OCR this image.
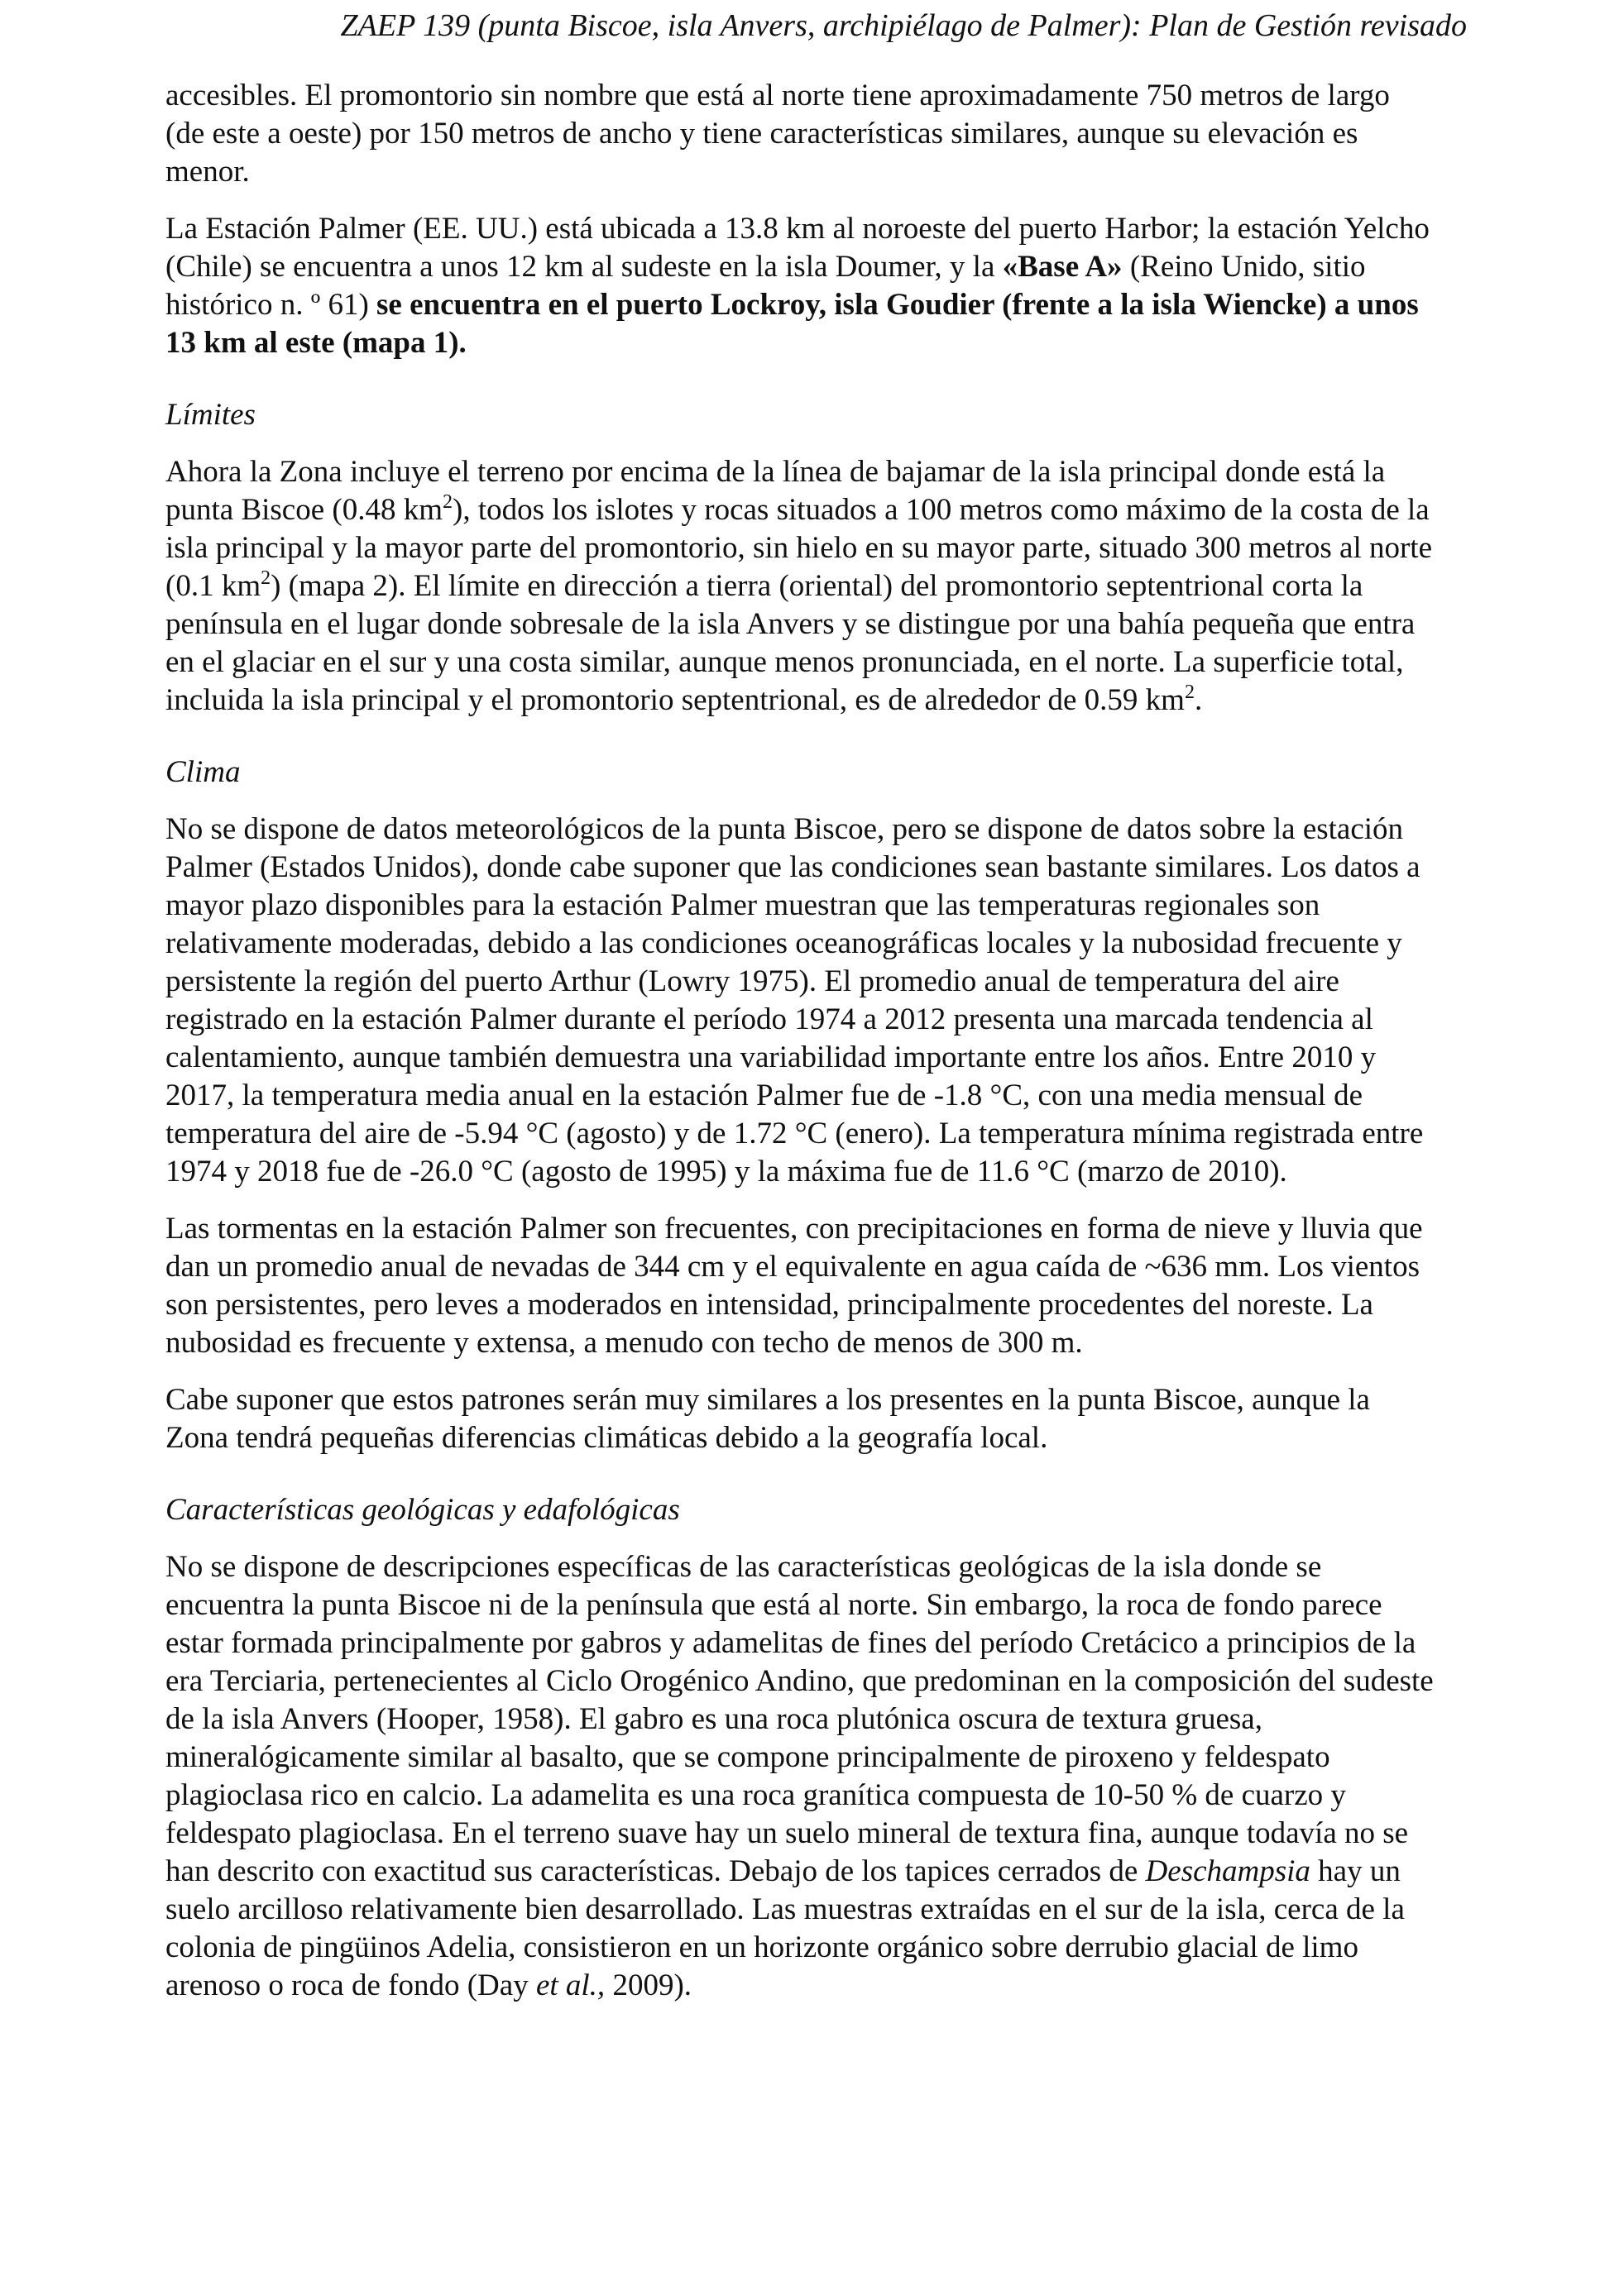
ZAEP 139 (punta Biscoe, isla Anvers, archipiélago de Palmer): Plan de Gestión revisado

accesibles. El promontorio sin nombre que está al norte tiene aproximadamente 750 metros de largo (de este a oeste) por 150 metros de ancho y tiene características similares, aunque su elevación es menor.

La Estación Palmer (EE. UU.) está ubicada a 13.8 km al noroeste del puerto Harbor; la estación Yelcho (Chile) se encuentra a unos 12 km al sudeste en la isla Doumer, y la «Base A» (Reino Unido, sitio histórico n. º 61) se encuentra en el puerto Lockroy, isla Goudier (frente a la isla Wiencke) a unos 13 km al este (mapa 1).

Límites

Ahora la Zona incluye el terreno por encima de la línea de bajamar de la isla principal donde está la punta Biscoe (0.48 $km^2$), todos los islotes y rocas situados a 100 metros como máximo de la costa de la isla principal y la mayor parte del promontorio, sin hielo en su mayor parte, situado 300 metros al norte (0.1 $km^2$) (mapa 2). El límite en dirección a tierra (oriental) del promontorio septentrional corta la península en el lugar donde sobresale de la isla Anvers y se distingue por una bahía pequeña que entra en el glaciar en el sur y una costa similar, aunque menos pronunciada, en el norte. La superficie total, incluida la isla principal y el promontorio septentrional, es de alrededor de 0.59 $km^2$.

Clima

No se dispone de datos meteorológicos de la punta Biscoe, pero se dispone de datos sobre la estación Palmer (Estados Unidos), donde cabe suponer que las condiciones sean bastante similares. Los datos a mayor plazo disponibles para la estación Palmer muestran que las temperaturas regionales son relativamente moderadas, debido a las condiciones oceanográficas locales y la nubosidad frecuente y persistente la región del puerto Arthur (Lowry 1975). El promedio anual de temperatura del aire registrado en la estación Palmer durante el período 1974 a 2012 presenta una marcada tendencia al calentamiento, aunque también demuestra una variabilidad importante entre los años. Entre 2010 y 2017, la temperatura media anual en la estación Palmer fue de -1.8 °C, con una media mensual de temperatura del aire de -5.94 °C (agosto) y de 1.72 °C (enero). La temperatura mínima registrada entre 1974 y 2018 fue de -26.0 °C (agosto de 1995) y la máxima fue de 11.6 °C (marzo de 2010).

Las tormentas en la estación Palmer son frecuentes, con precipitaciones en forma de nieve y lluvia que dan un promedio anual de nevadas de 344 cm y el equivalente en agua caída de ~636 mm. Los vientos son persistentes, pero leves a moderados en intensidad, principalmente procedentes del noreste. La nubosidad es frecuente y extensa, a menudo con techo de menos de 300 m.

Cabe suponer que estos patrones serán muy similares a los presentes en la punta Biscoe, aunque la Zona tendrá pequeñas diferencias climáticas debido a la geografía local.

Características geológicas y edafológicas

No se dispone de descripciones específicas de las características geológicas de la isla donde se encuentra la punta Biscoe ni de la península que está al norte. Sin embargo, la roca de fondo parece estar formada principalmente por gabros y adamelitas de fines del período Cretácico a principios de la era Terciaria, pertenecientes al Ciclo Orogénico Andino, que predominan en la composición del sudeste de la isla Anvers (Hooper, 1958). El gabro es una roca plutónica oscura de textura gruesa, mineralógicamente similar al basalto, que se compone principalmente de piroxeno y feldespato plagioclasa rico en calcio. La adamelita es una roca granítica compuesta de 10-50 % de cuarzo y feldespato plagioclasa. En el terreno suave hay un suelo mineral de textura fina, aunque todavía no se han descrito con exactitud sus características. Debajo de los tapices cerrados de Deschampsia hay un suelo arcilloso relativamente bien desarrollado. Las muestras extraídas en el sur de la isla, cerca de la colonia de pingüinos Adelia, consistieron en un horizonte orgánico sobre derrubio glacial de limo arenoso o roca de fondo (Day et al., 2009).
